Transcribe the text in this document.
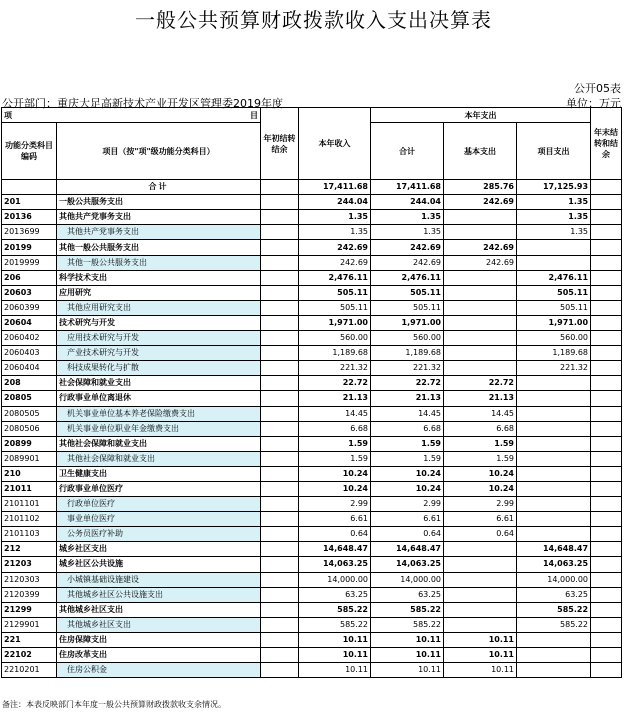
一般公共预算财政拨款收入支出决算表
公开05表
公开部门：重庆大足高新技术产业开发区管理委2019年度	单位：万元
项 目		年初结转结余	本年收入	本年支出			年末结转和结余
功能分类科目编码	项目（按"项"级功能分类科目）			合计	基本支出	项目支出	
	合计		17,411.68	17,411.68	285.76	17,125.93	
201	一般公共服务支出		244.04	244.04	242.69	1.35	
20136	其他共产党事务支出		1.35	1.35		1.35	
2013699	其他共产党事务支出		1.35	1.35		1.35	
20199	其他一般公共服务支出		242.69	242.69	242.69		
2019999	其他一般公共服务支出		242.69	242.69	242.69		
206	科学技术支出		2,476.11	2,476.11		2,476.11	
20603	应用研究		505.11	505.11		505.11	
2060399	其他应用研究支出		505.11	505.11		505.11	
20604	技术研究与开发		1,971.00	1,971.00		1,971.00	
2060402	应用技术研究与开发		560.00	560.00		560.00	
2060403	产业技术研究与开发		1,189.68	1,189.68		1,189.68	
2060404	科技成果转化与扩散		221.32	221.32		221.32	
208	社会保障和就业支出		22.72	22.72	22.72		
20805	行政事业单位离退休		21.13	21.13	21.13		
2080505	机关事业单位基本养老保险缴费支出		14.45	14.45	14.45		
2080506	机关事业单位职业年金缴费支出		6.68	6.68	6.68		
20899	其他社会保障和就业支出		1.59	1.59	1.59		
2089901	其他社会保障和就业支出		1.59	1.59	1.59		
210	卫生健康支出		10.24	10.24	10.24		
21011	行政事业单位医疗		10.24	10.24	10.24		
2101101	行政单位医疗		2.99	2.99	2.99		
2101102	事业单位医疗		6.61	6.61	6.61		
2101103	公务员医疗补助		0.64	0.64	0.64		
212	城乡社区支出		14,648.47	14,648.47		14,648.47	
21203	城乡社区公共设施		14,063.25	14,063.25		14,063.25	
2120303	小城镇基础设施建设		14,000.00	14,000.00		14,000.00	
2120399	其他城乡社区公共设施支出		63.25	63.25		63.25	
21299	其他城乡社区支出		585.22	585.22		585.22	
2129901	其他城乡社区支出		585.22	585.22		585.22	
221	住房保障支出		10.11	10.11	10.11		
22102	住房改革支出		10.11	10.11	10.11		
2210201	住房公积金		10.11	10.11	10.11		
备注：本表反映部门本年度一般公共预算财政拨款收支余情况。
